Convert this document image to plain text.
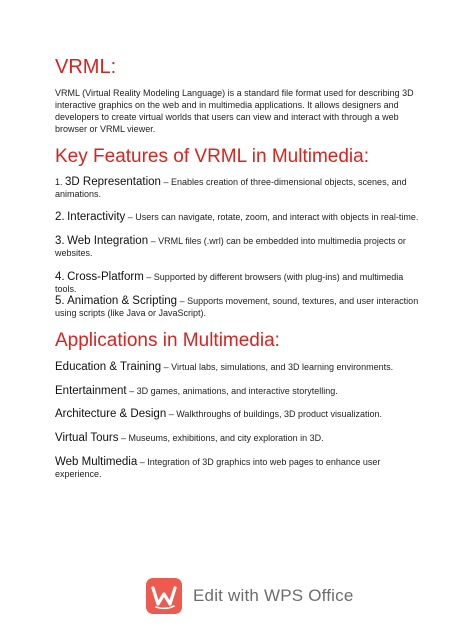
VRML:

VRML (Virtual Reality Modeling Language) is a standard file format used for describing 3D interactive graphics on the web and in multimedia applications. It allows designers and developers to create virtual worlds that users can view and interact with through a web browser or VRML viewer.

Key Features of VRML in Multimedia:

1. 3D Representation – Enables creation of three-dimensional objects, scenes, and animations.

2. Interactivity – Users can navigate, rotate, zoom, and interact with objects in real-time.

3. Web Integration – VRML files (.wrl) can be embedded into multimedia projects or websites.

4. Cross-Platform – Supported by different browsers (with plug-ins) and multimedia tools.

5. Animation & Scripting – Supports movement, sound, textures, and user interaction using scripts (like Java or JavaScript).

Applications in Multimedia:

Education & Training – Virtual labs, simulations, and 3D learning environments.

Entertainment – 3D games, animations, and interactive storytelling.

Architecture & Design – Walkthroughs of buildings, 3D product visualization.

Virtual Tours – Museums, exhibitions, and city exploration in 3D.

Web Multimedia – Integration of 3D graphics into web pages to enhance user experience.

Edit with WPS Office
